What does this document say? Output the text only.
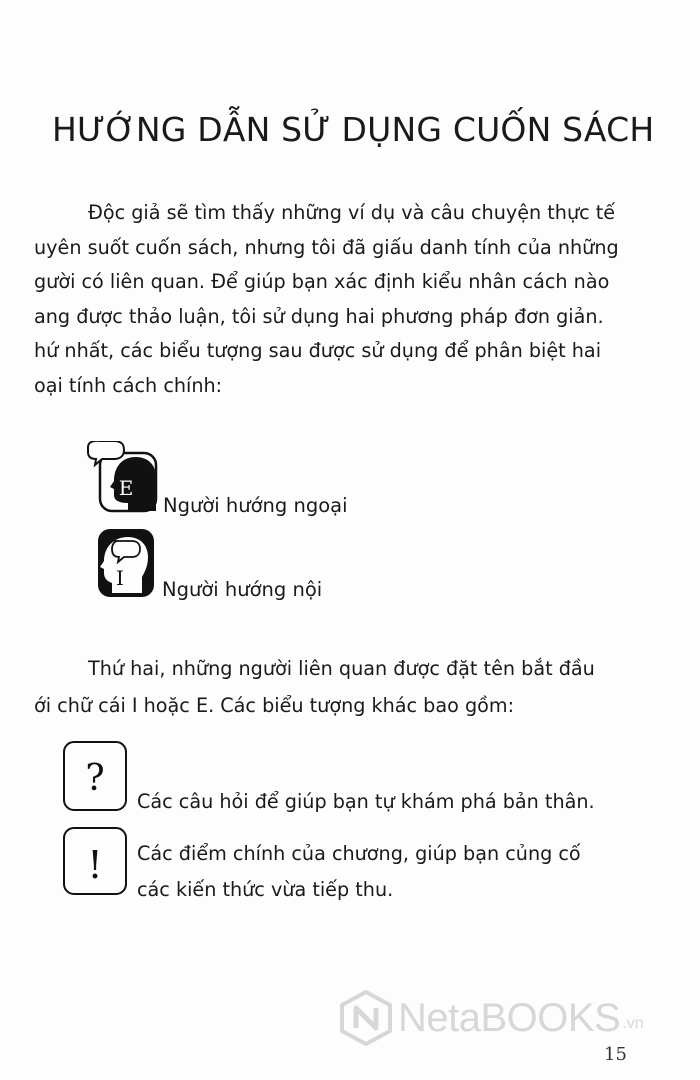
HƯỚNG DẪN SỬ DỤNG CUỐN SÁCH

Độc giả sẽ tìm thấy những ví dụ và câu chuyện thực tế
uyên suốt cuốn sách, nhưng tôi đã giấu danh tính của những
gười có liên quan. Để giúp bạn xác định kiểu nhân cách nào
ang được thảo luận, tôi sử dụng hai phương pháp đơn giản.
hứ nhất, các biểu tượng sau được sử dụng để phân biệt hai
oại tính cách chính:

E
Người hướng ngoại
I Người hướng nội

Thứ hai, những người liên quan được đặt tên bắt đầu
ới chữ cái I hoặc E. Các biểu tượng khác bao gồm:

?

Các câu hỏi để giúp bạn tự khám phá bản thân.

! Các điểm chính của chương, giúp bạn củng cố
các kiến thức vừa tiếp thu.

NetaBOOKS .vn
15
